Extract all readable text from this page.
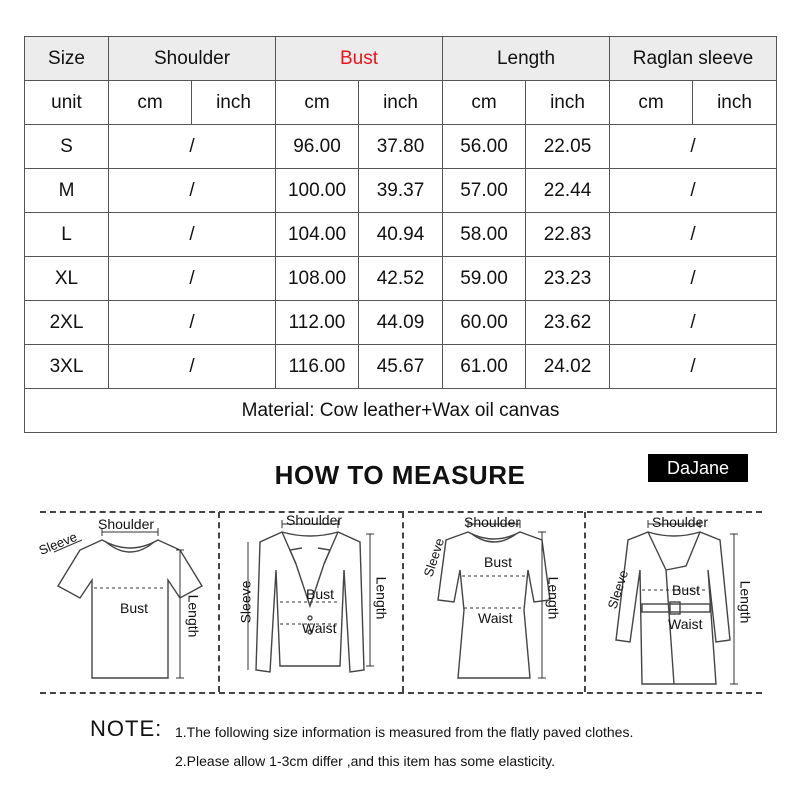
Size	Shoulder		Bust		Length		Raglan sleeve	
unit	cm	inch	cm	inch	cm	inch	cm	inch
S	/		96.00	37.80	56.00	22.05	/	
M	/		100.00	39.37	57.00	22.44	/	
L	/		104.00	40.94	58.00	22.83	/	
XL	/		108.00	42.52	59.00	23.23	/	
2XL	/		112.00	44.09	60.00	23.62	/	
3XL	/		116.00	45.67	61.00	24.02	/	
Material: Cow leather+Wax oil canvas								
HOW TO MEASURE	DaJane
Shoulder
Sleeve
Bust	Length
Shoulder
Sleeve	Bust
Waist
Length
Shoulder
Sleeve	Bust
Waist Length
Shoulder
Sleeve	Bust
Waist
Length
NOTE: 1.The following size information is measured from the flatly paved clothes.
2.Please allow 1-3cm differ ,and this item has some elasticity.
